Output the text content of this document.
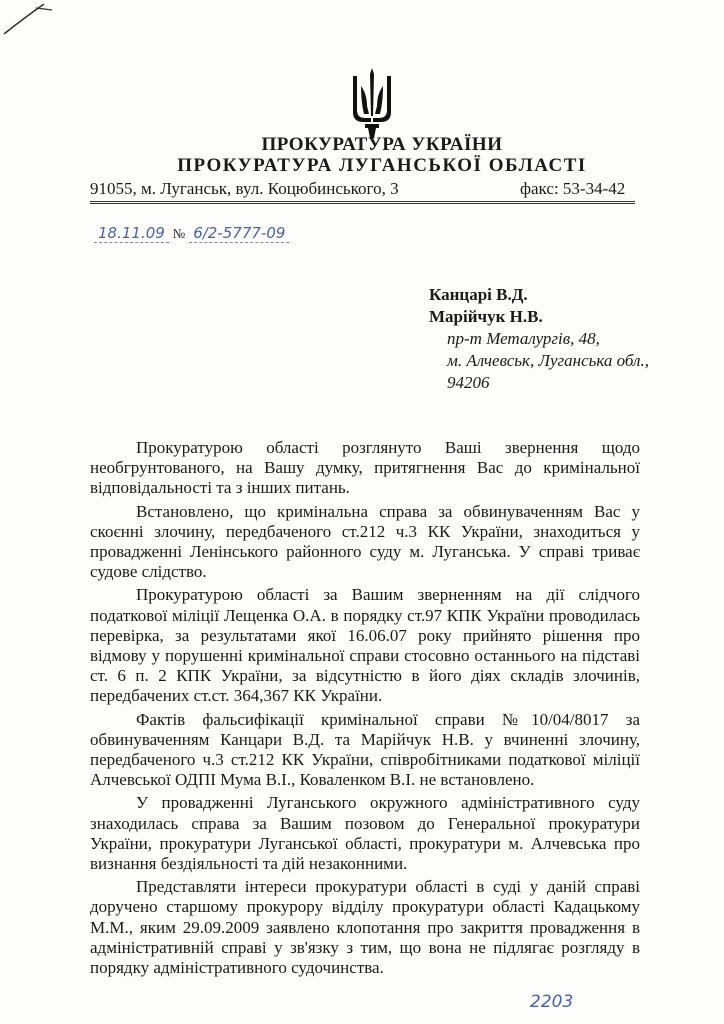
ПРОКУРАТУРА УКРАЇНИ
ПРОКУРАТУРА ЛУГАНСЬКОЇ ОБЛАСТІ
91055, м. Луганськ, вул. Коцюбинського, 3	факс: 53-34-42
18.11.09 № 6/2-5777-09
Канцарі В.Д.
Марійчук Н.В.
пр-т Металургів, 48,
м. Алчевськ, Луганська обл.,
94206

Прокуратурою області розглянуто Ваші звернення щодо необгрунтованого, на Вашу думку, притягнення Вас до кримінальної відповідальності та з інших питань.

Встановлено, що кримінальна справа за обвинуваченням Вас у скоєнні злочину, передбаченого ст.212 ч.3 КК України, знаходиться у провадженні Ленінського районного суду м. Луганська. У справі триває судове слідство.

Прокуратурою області за Вашим зверненням на дії слідчого податкової міліції Лещенка О.А. в порядку ст.97 КПК України проводилась перевірка, за результатами якої 16.06.07 року прийнято рішення про відмову у порушенні кримінальної справи стосовно останнього на підставі ст. 6 п. 2 КПК України, за відсутністю в його діях складів злочинів, передбачених ст.ст. 364,367 КК України.

Фактів фальсифікації кримінальної справи №10/04/8017 за обвинуваченням Канцари В.Д. та Марійчук Н.В. у вчиненні злочину, передбаченого ч.3 ст.212 КК України, співробітниками податкової міліції Алчевської ОДПІ Мума В.І., Коваленком В.І. не встановлено.

У провадженні Луганського окружного адміністративного суду знаходилась справа за Вашим позовом до Генеральної прокуратури України, прокуратури Луганської області, прокуратури м. Алчевська про визнання бездіяльності та дій незаконними.

Представляти інтереси прокуратури області в суді у даній справі доручено старшому прокурору відділу прокуратури області Кадацькому М.М., яким 29.09.2009 заявлено клопотання про закриття провадження в адміністративній справі у зв'язку з тим, що вона не підлягає розгляду в порядку адміністративного судочинства.

2203
